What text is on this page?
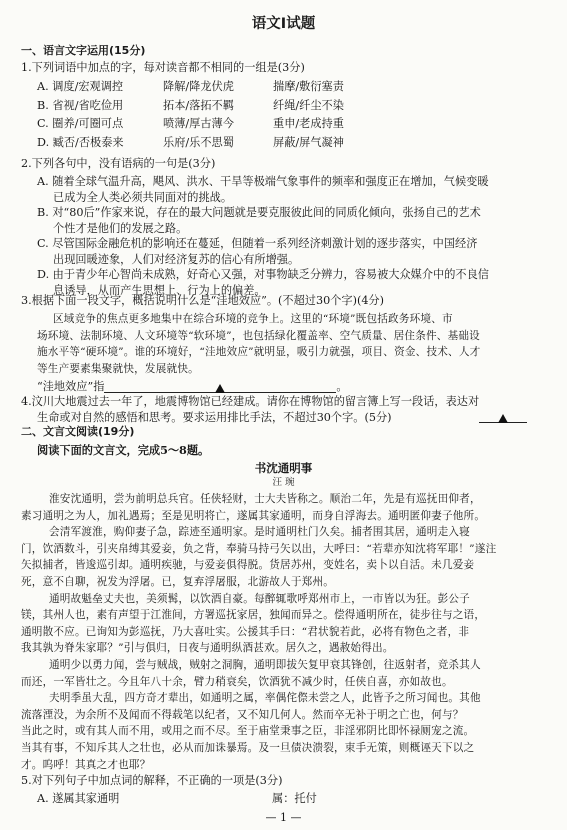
语文Ⅰ试题
一、语言文字运用(15分)
1.下列词语中加点的字，每对读音都不相同的一组是(3分)
A. 调度/宏观调控	降解/降龙伏虎	揣摩/敷衍塞责
B. 省视/省吃俭用	拓本/落拓不羁	纤绳/纤尘不染
C. 圈养/可圈可点	喷薄/厚古薄今	重申/老成持重
D. 臧否/否极泰来	乐府/乐不思蜀	屏蔽/屏气凝神
2.下列各句中，没有语病的一句是(3分)
A. 随着全球气温升高，飓风、洪水、干旱等极端气象事件的频率和强度正在增加，气候变暖
已成为全人类必须共同面对的挑战。
B. 对“80后”作家来说，存在的最大问题就是要克服彼此间的同质化倾向，张扬自己的艺术
个性才是他们的发展之路。
C. 尽管国际金融危机的影响还在蔓延，但随着一系列经济刺激计划的逐步落实，中国经济
出现回暖迹象，人们对经济复苏的信心有所增强。
D. 由于青少年心智尚未成熟，好奇心又强，对事物缺乏分辨力，容易被大众媒介中的不良信
息诱导，从而产生思想上、行为上的偏差。
3.根据下面一段文字，概括说明什么是“洼地效应”。(不超过30个字)(4分)
区域竞争的焦点更多地集中在综合环境的竞争上。这里的“环境”既包括政务环境、市
场环境、法制环境、人文环境等“软环境”，也包括绿化覆盖率、空气质量、居住条件、基础设
施水平等“硬环境”。谁的环境好，“洼地效应”就明显，吸引力就强，项目、资金、技术、人才
等生产要素集聚就快，发展就快。
“洼地效应”指	。
4.汶川大地震过去一年了，地震博物馆已经建成。请你在博物馆的留言簿上写一段话，表达对
生命或对自然的感悟和思考。要求运用排比手法，不超过30个字。(5分)
二、文言文阅读(19分)
阅读下面的文言文，完成5～8题。
书沈通明事
汪 琬
淮安沈通明，尝为前明总兵官。任侠轻财，士大夫皆称之。顺治二年，先是有巡抚田仰者，
素习通明之为人，加礼遇焉；至是见明将亡，遂属其家通明，而身自浮海去。通明匿仰妻子他所。
会清军渡淮，购仰妻子急，踪迹至通明家。是时通明杜门久矣。捕者围其居，通明走入寝
门，饮酒数斗，引夹帛缚其爱妾，负之背，奉骑马持弓矢以出，大呼曰：“若辈亦知沈将军耶！”遂注
矢拟捕者，皆逡巡引却。通明疾驰，与爱妾俱得脱。货居苏州，变姓名，卖卜以自活。未几爱妾
死，意不自聊，祝发为浮屠。已，复弃浮屠服，北游故人于郑州。
通明故魁垒丈夫也，美须髯，以饮酒自豪。每醉辄歌呼郑州市上，一市皆以为狂。彭公子
镁，其州人也，素有声望于江淮间，方署巡抚家居，独闻而异之。偿得通明所在，徒步往与之语，
通明散不应。已询知为彭巡抚，乃大喜吐实。公援其手曰：“君状貌若此，必将有物色之者，非
我其孰为脊朱家耶？”引与俱归，日夜与通明纵酒甚欢。居久之，遇赦始得出。
通明少以勇力闻，尝与贼战，贼射之洞胸，通明即拔矢复甲衰其锋创，往返射者，竞杀其人
而还，一军皆壮之。今且年八十余，臂力稍衰矣，饮酒犹不减少时，任侠自喜，亦如故也。
夫明季虽大乱，四方奇才辈出，如通明之属，率偶侘傺未尝之人，此皆予之所习闻也。其他
流落湮没，为余所不及闻而不得载笔以纪者，又不知几何人。然而卒无补于明之亡也，何与？
当此之时，或有其人而不用，或用之而不尽。至于庙堂秉事之臣，非淫邪阴比即怀禄厕宠之流。
当其有事，不知斥其人之壮也，必从而加诛暴焉。及一旦债决溃裂，束手无策，则概诬天下以之
才。呜呼！其真之才也耶？
5.对下列句子中加点词的解释，不正确的一项是(3分)
A. 遂属其家通明	属：托付
— 1 —
